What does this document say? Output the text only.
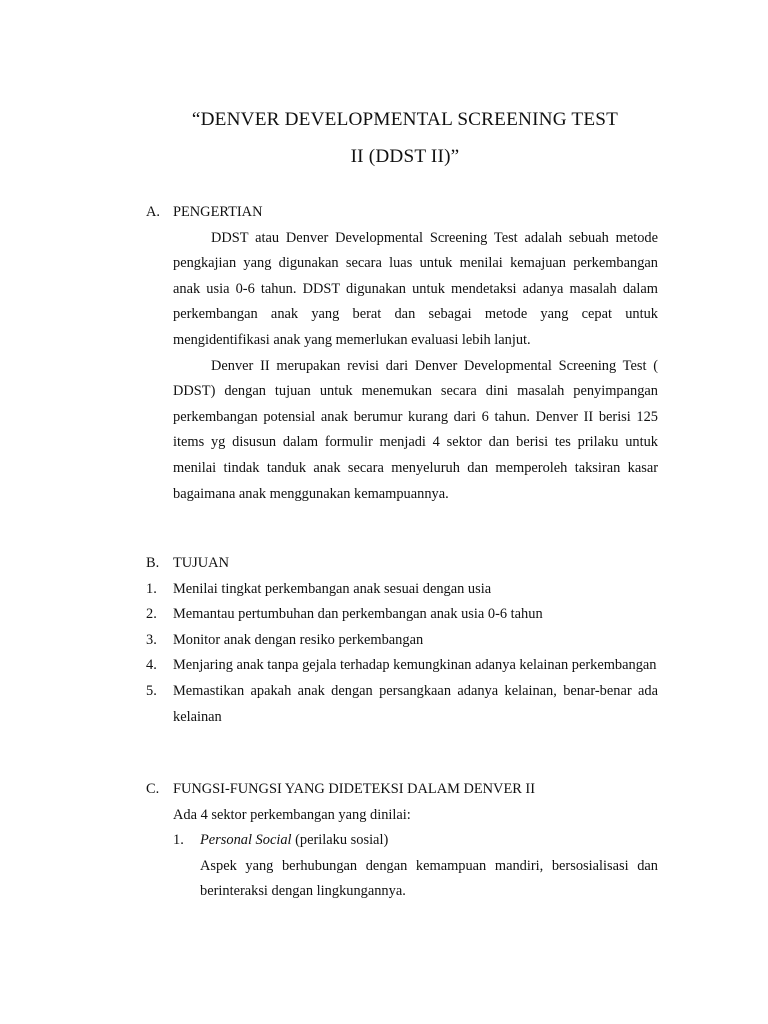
“DENVER DEVELOPMENTAL SCREENING TEST
II (DDST II)”
A. PENGERTIAN
DDST atau Denver Developmental Screening Test adalah sebuah metode pengkajian yang digunakan secara luas untuk menilai kemajuan perkembangan anak usia 0-6 tahun. DDST digunakan untuk mendetaksi adanya masalah dalam perkembangan anak yang berat dan sebagai metode yang cepat untuk mengidentifikasi anak yang memerlukan evaluasi lebih lanjut.
Denver II merupakan revisi dari Denver Developmental Screening Test ( DDST) dengan tujuan untuk menemukan secara dini masalah penyimpangan perkembangan potensial anak berumur kurang dari 6 tahun. Denver II berisi 125 items yg disusun dalam formulir menjadi 4 sektor dan berisi tes prilaku untuk menilai tindak tanduk anak secara menyeluruh dan memperoleh taksiran kasar bagaimana anak menggunakan kemampuannya.
B. TUJUAN
1.	Menilai tingkat perkembangan anak sesuai dengan usia
2.	Memantau pertumbuhan dan perkembangan anak usia 0-6 tahun
3.	Monitor anak dengan resiko perkembangan
4.	Menjaring anak tanpa gejala terhadap kemungkinan adanya kelainan perkembangan
5.	Memastikan apakah anak dengan persangkaan adanya kelainan, benar-benar ada kelainan
C. FUNGSI-FUNGSI YANG DIDETEKSI DALAM DENVER II
Ada 4 sektor perkembangan yang dinilai:
1.	Personal Social (perilaku sosial)
Aspek yang berhubungan dengan kemampuan mandiri, bersosialisasi dan berinteraksi dengan lingkungannya.
